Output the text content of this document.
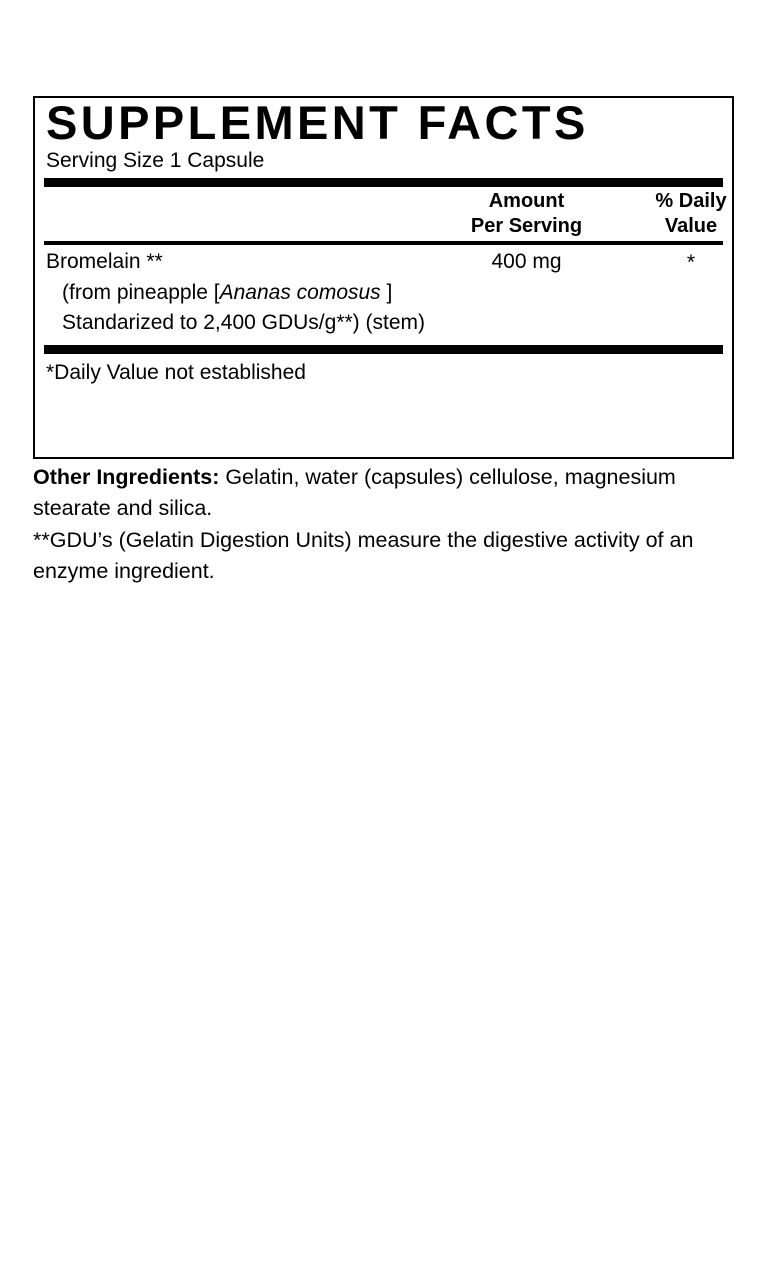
SUPPLEMENT FACTS
Serving Size 1 Capsule
Amount
Per Serving
% Daily
Value
Bromelain **	400 mg	*
(from pineapple [Ananas comosus ]
Standarized to 2,400 GDUs/g**) (stem)
*Daily Value not established

Other Ingredients: Gelatin, water (capsules) cellulose, magnesium stearate and silica.

**GDU’s (Gelatin Digestion Units) measure the digestive activity of an enzyme ingredient.
